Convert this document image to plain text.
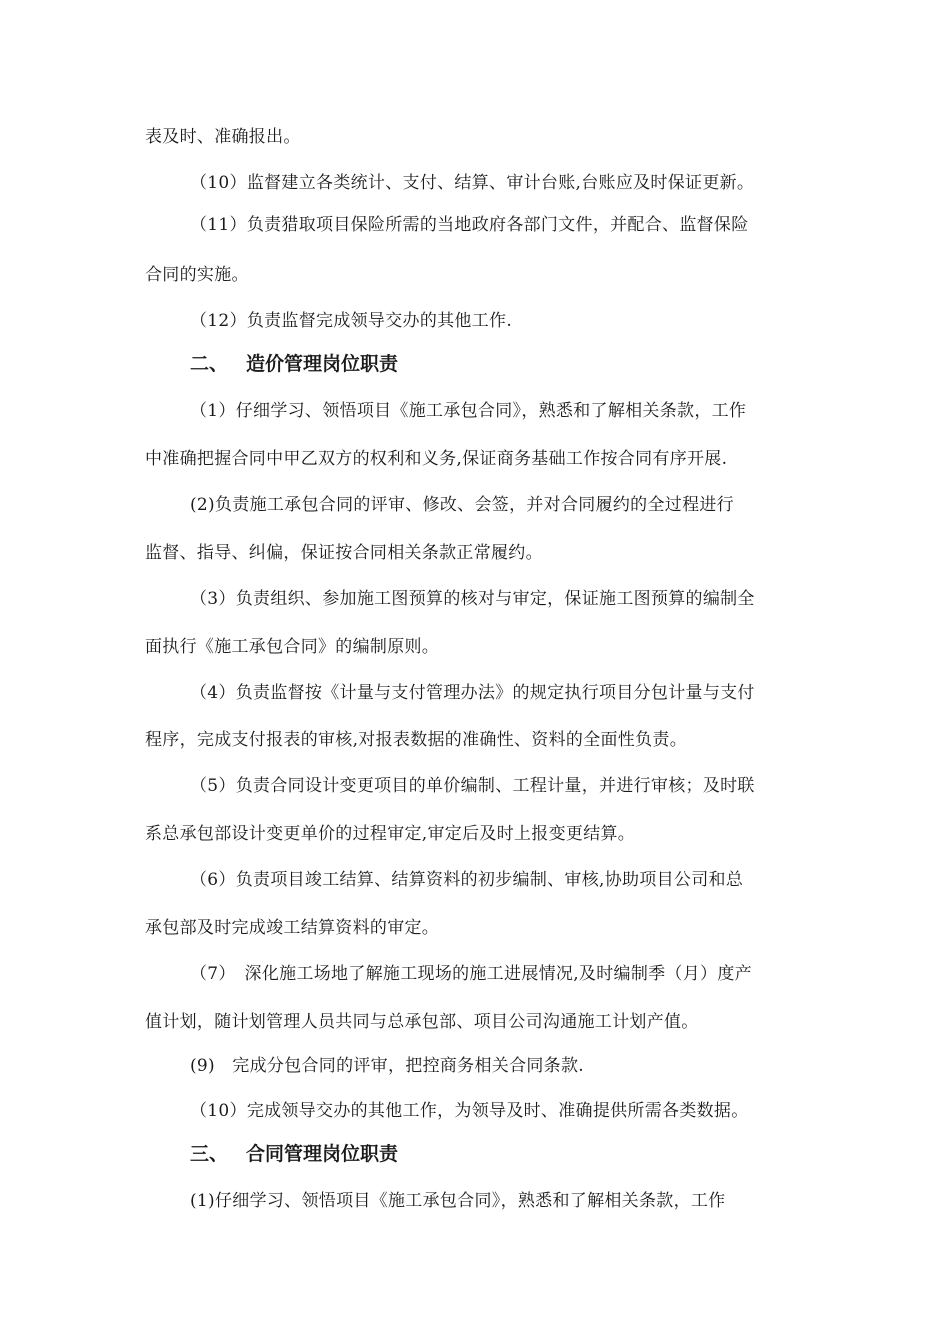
表及时、准确报出。
（10）监督建立各类统计、支付、结算、审计台账,台账应及时保证更新。
（11）负责猎取项目保险所需的当地政府各部门文件，并配合、监督保险
合同的实施。
（12）负责监督完成领导交办的其他工作.
二、 造价管理岗位职责
（1）仔细学习、领悟项目《施工承包合同》，熟悉和了解相关条款，工作
中准确把握合同中甲乙双方的权利和义务,保证商务基础工作按合同有序开展.
(2)负责施工承包合同的评审、修改、会签，并对合同履约的全过程进行
监督、指导、纠偏，保证按合同相关条款正常履约。
（3）负责组织、参加施工图预算的核对与审定，保证施工图预算的编制全
面执行《施工承包合同》的编制原则。
（4）负责监督按《计量与支付管理办法》的规定执行项目分包计量与支付
程序，完成支付报表的审核,对报表数据的准确性、资料的全面性负责。
（5）负责合同设计变更项目的单价编制、工程计量，并进行审核；及时联
系总承包部设计变更单价的过程审定,审定后及时上报变更结算。
（6）负责项目竣工结算、结算资料的初步编制、审核,协助项目公司和总
承包部及时完成竣工结算资料的审定。
（7）　深化施工场地了解施工现场的施工进展情况,及时编制季（月）度产
值计划，随计划管理人员共同与总承包部、项目公司沟通施工计划产值。
(9)　完成分包合同的评审，把控商务相关合同条款.
（10）完成领导交办的其他工作，为领导及时、准确提供所需各类数据。
三、 合同管理岗位职责
(1)仔细学习、领悟项目《施工承包合同》，熟悉和了解相关条款，工作
